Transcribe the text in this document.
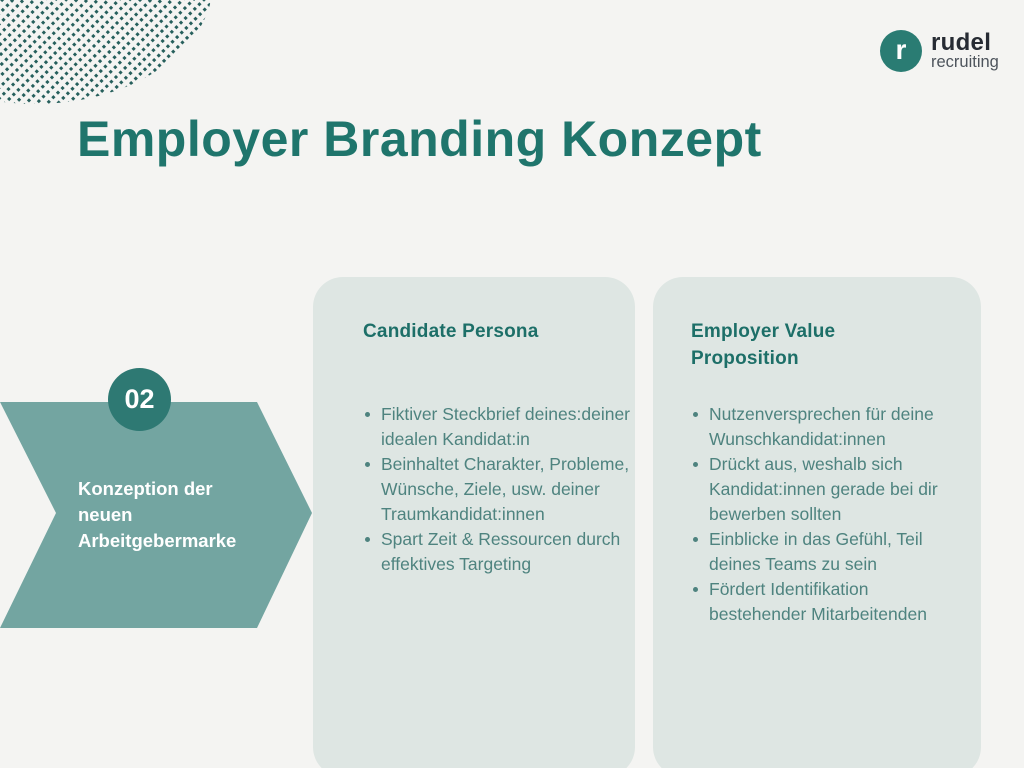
r rudel
recruiting
Employer Branding Konzept
02
Konzeption der neuen Arbeitgebermarke
Candidate Persona
Fiktiver Steckbrief deines:deiner idealen Kandidat:in
Beinhaltet Charakter, Probleme, Wünsche, Ziele, usw. deiner Traumkandidat:innen
Spart Zeit & Ressourcen durch effektives Targeting
Employer Value Proposition
Nutzenversprechen für deine Wunschkandidat:innen
Drückt aus, weshalb sich Kandidat:innen gerade bei dir bewerben sollten
Einblicke in das Gefühl, Teil deines Teams zu sein
Fördert Identifikation bestehender Mitarbeitenden
